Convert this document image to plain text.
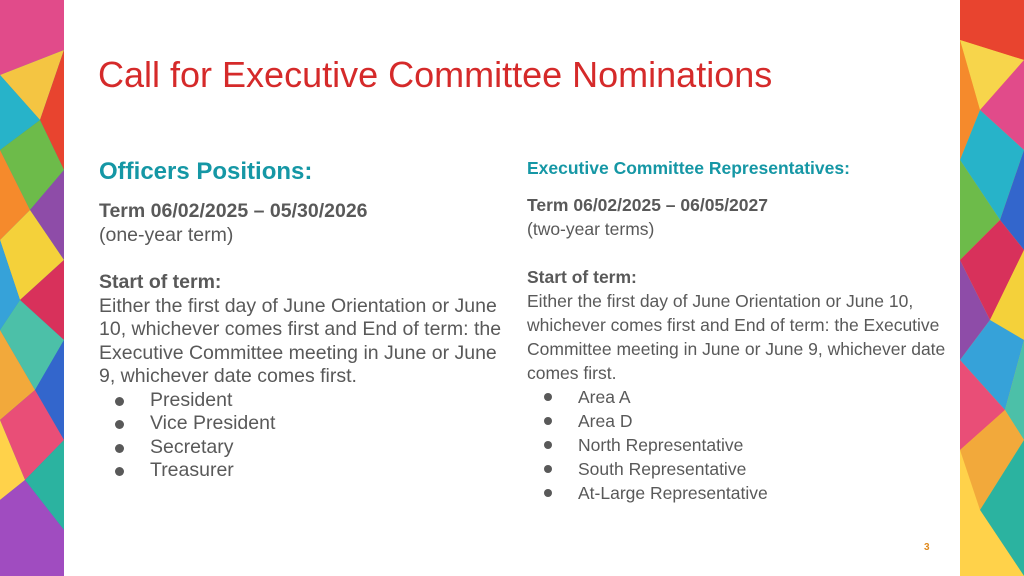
Call for Executive Committee Nominations
Officers Positions:
Term 06/02/2025 – 05/30/2026
(one-year term)
Start of term:
Either the first day of June Orientation or June 10, whichever comes first and End of term: the Executive Committee meeting in June or June 9, whichever date comes first.
President
Vice President
Secretary
Treasurer
Executive Committee Representatives:
Term 06/02/2025 – 06/05/2027
(two-year terms)
Start of term:
Either the first day of June Orientation or June 10, whichever comes first and End of term: the Executive Committee meeting in June or June 9, whichever date comes first.
Area A
Area D
North Representative
South Representative
At-Large Representative
3
